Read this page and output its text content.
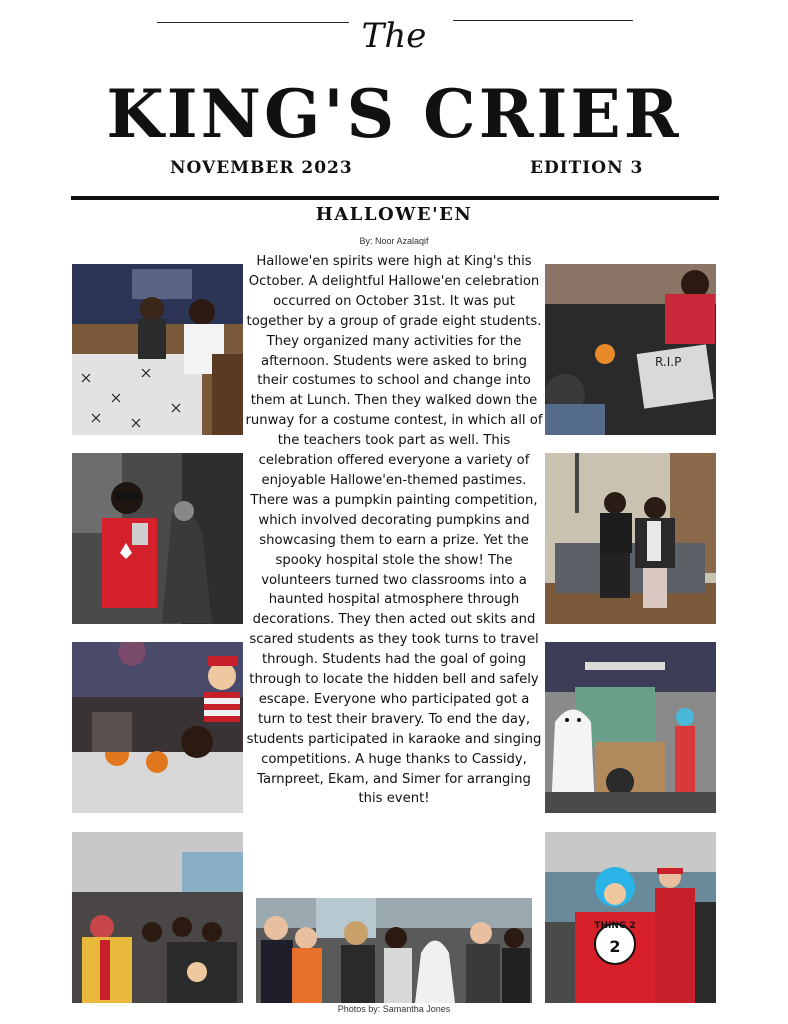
The
KING'S CRIER
NOVEMBER 2023	EDITION 3
HALLOWE'EN
By: Noor Azalaqif
Hallowe'en spirits were high at King's this October. A delightful Hallowe'en celebration occurred on October 31st. It was put together by a group of grade eight students. They organized many activities for the afternoon. Students were asked to bring their costumes to school and change into them at Lunch. Then they walked down the runway for a costume contest, in which all of the teachers took part as well. This celebration offered everyone a variety of enjoyable Hallowe'en-themed pastimes. There was a pumpkin painting competition, which involved decorating pumpkins and showcasing them to earn a prize. Yet the spooky hospital stole the show! The volunteers turned two classrooms into a haunted hospital atmosphere through decorations. They then acted out skits and scared students as they took turns to travel through. Students had the goal of going through to locate the hidden bell and safely escape. Everyone who participated got a turn to test their bravery. To end the day, students participated in karaoke and singing competitions. A huge thanks to Cassidy, Tarnpreet, Ekam, and Simer for arranging this event!
R.I.P
2
THING 2
Photos by: Samantha Jones
